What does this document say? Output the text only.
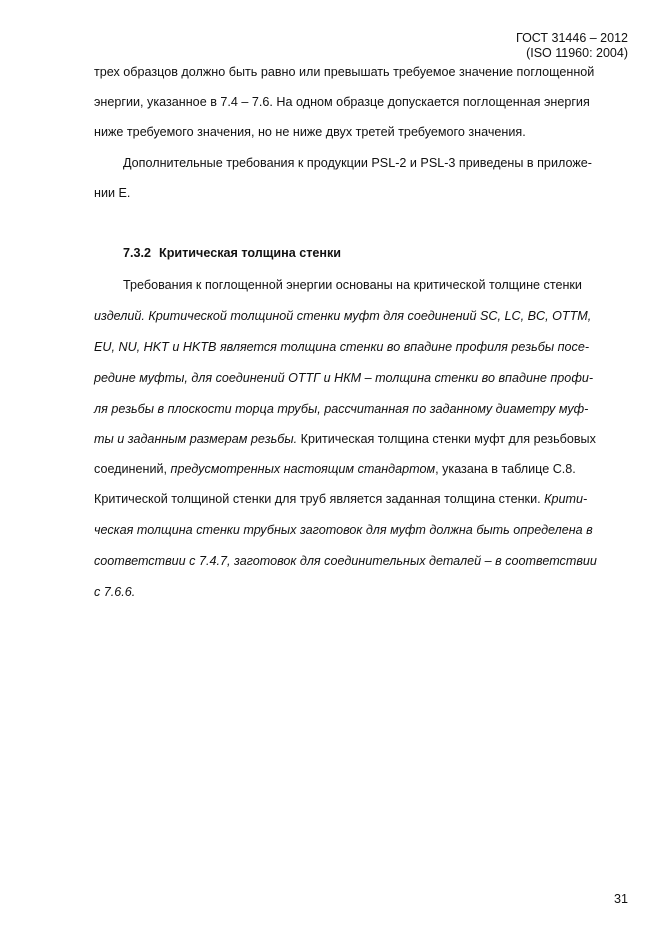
ГОСТ 31446 – 2012
(ISO 11960: 2004)
трех образцов должно быть равно или превышать требуемое значение поглощенной
энергии, указанное в 7.4 – 7.6. На одном образце допускается поглощенная энергия
ниже требуемого значения, но не ниже двух третей требуемого значения.
Дополнительные требования к продукции PSL-2 и PSL-3 приведены в приложе-
нии Е.
7.3.2 Критическая толщина стенки
Требования к поглощенной энергии основаны на критической толщине стенки
изделий. Критической толщиной стенки муфт для соединений SC, LC, BC, OTTM,
EU, NU, HKT и HKTB является толщина стенки во впадине профиля резьбы посе-
редине муфты, для соединений ОТТГ и НКМ – толщина стенки во впадине профи-
ля резьбы в плоскости торца трубы, рассчитанная по заданному диаметру муф-
ты и заданным размерам резьбы. Критическая толщина стенки муфт для резьбовых
соединений, предусмотренных настоящим стандартом, указана в таблице С.8.
Критической толщиной стенки для труб является заданная толщина стенки. Крити-
ческая толщина стенки трубных заготовок для муфт должна быть определена в
соответствии с 7.4.7, заготовок для соединительных деталей – в соответствии
с 7.6.6.
31
